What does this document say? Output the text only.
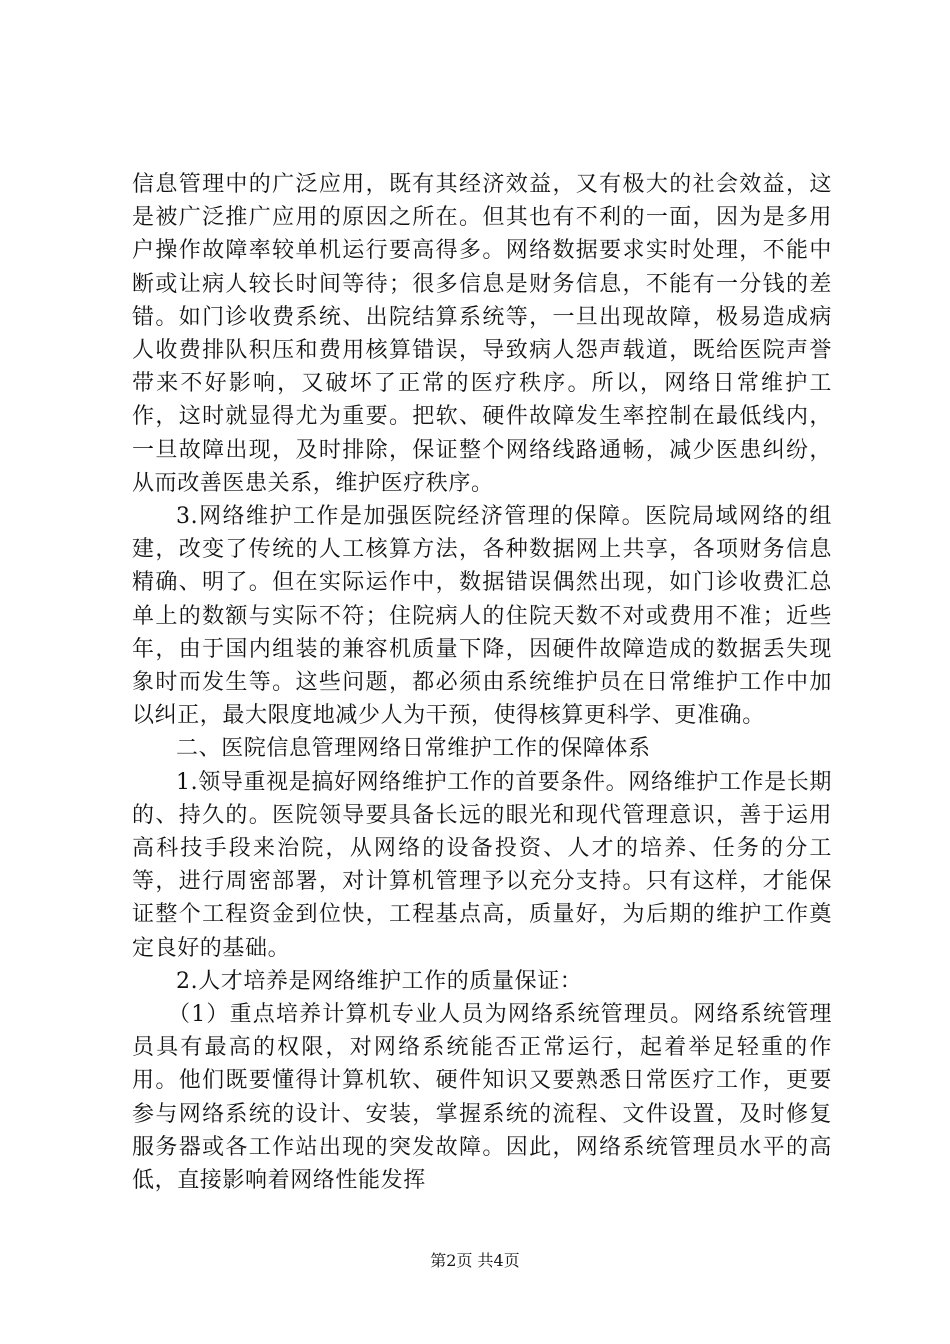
信息管理中的广泛应用，既有其经济效益，又有极大的社会效益，这是被广泛推广应用的原因之所在。但其也有不利的一面，因为是多用户操作故障率较单机运行要高得多。网络数据要求实时处理，不能中断或让病人较长时间等待；很多信息是财务信息，不能有一分钱的差错。如门诊收费系统、出院结算系统等，一旦出现故障，极易造成病人收费排队积压和费用核算错误，导致病人怨声载道，既给医院声誉带来不好影响，又破坏了正常的医疗秩序。所以，网络日常维护工作，这时就显得尤为重要。把软、硬件故障发生率控制在最低线内，一旦故障出现，及时排除，保证整个网络线路通畅，减少医患纠纷，从而改善医患关系，维护医疗秩序。

3.网络维护工作是加强医院经济管理的保障。医院局域网络的组建，改变了传统的人工核算方法，各种数据网上共享，各项财务信息精确、明了。但在实际运作中，数据错误偶然出现，如门诊收费汇总单上的数额与实际不符；住院病人的住院天数不对或费用不准；近些年，由于国内组装的兼容机质量下降，因硬件故障造成的数据丢失现象时而发生等。这些问题，都必须由系统维护员在日常维护工作中加以纠正，最大限度地减少人为干预，使得核算更科学、更准确。

二、医院信息管理网络日常维护工作的保障体系

1.领导重视是搞好网络维护工作的首要条件。网络维护工作是长期的、持久的。医院领导要具备长远的眼光和现代管理意识，善于运用高科技手段来治院，从网络的设备投资、人才的培养、任务的分工等，进行周密部署，对计算机管理予以充分支持。只有这样，才能保证整个工程资金到位快，工程基点高，质量好，为后期的维护工作奠定良好的基础。

2.人才培养是网络维护工作的质量保证：

（1）重点培养计算机专业人员为网络系统管理员。网络系统管理员具有最高的权限，对网络系统能否正常运行，起着举足轻重的作用。他们既要懂得计算机软、硬件知识又要熟悉日常医疗工作，更要参与网络系统的设计、安装，掌握系统的流程、文件设置，及时修复服务器或各工作站出现的突发故障。因此，网络系统管理员水平的高低，直接影响着网络性能发挥

第2页 共4页
